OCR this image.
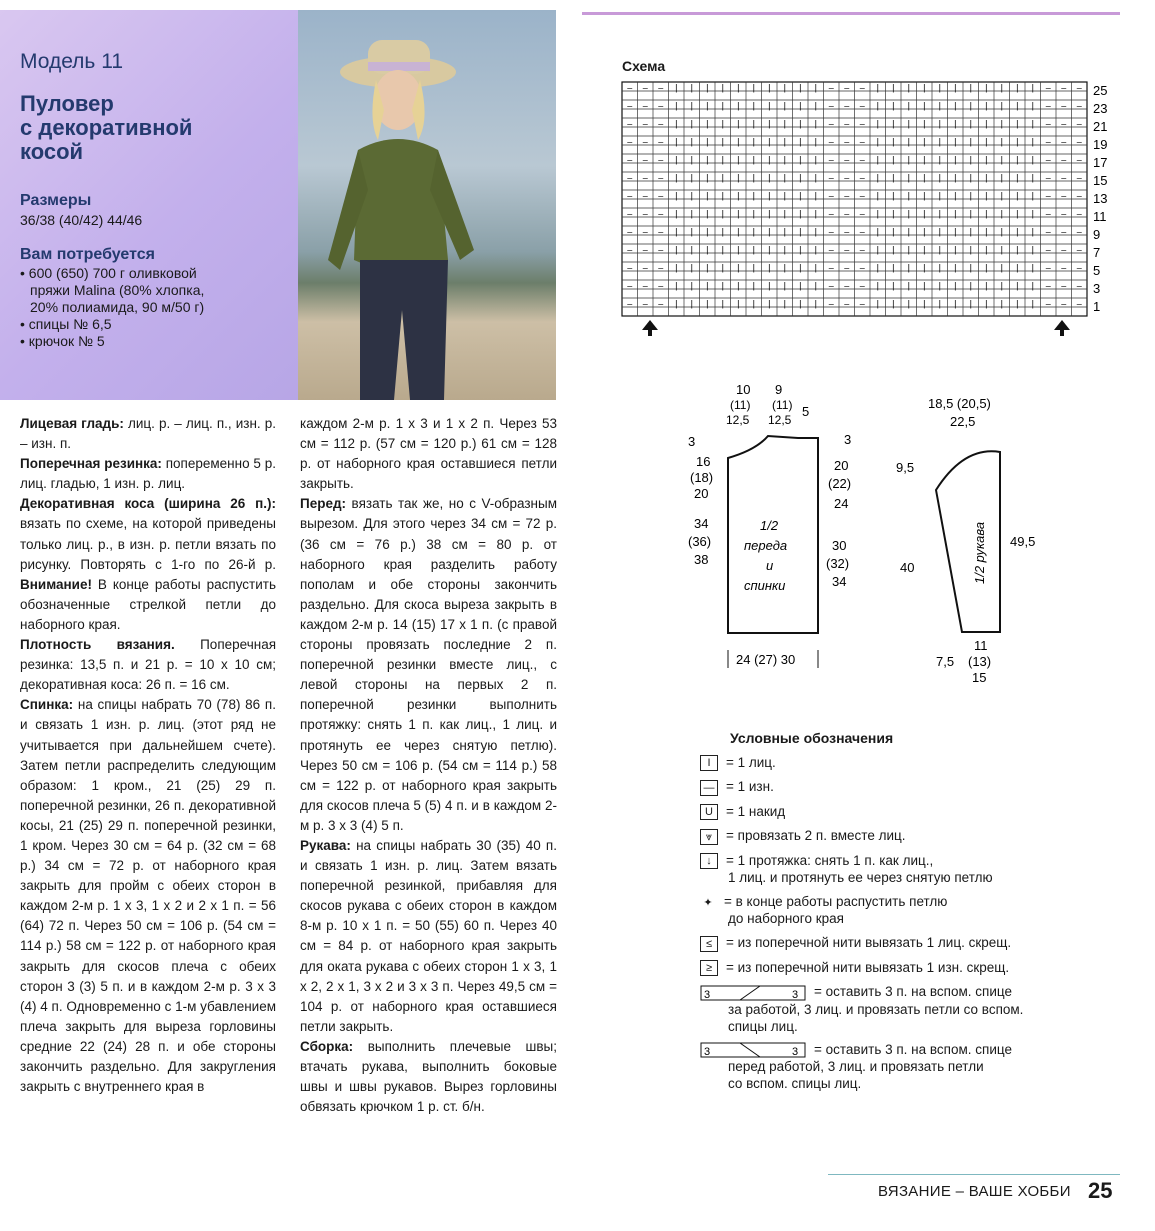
Модель 11
Пуловер
с декоративной
косой
Размеры
36/38 (40/42) 44/46
Вам потребуется
• 600 (650) 700 г оливковой
пряжи Malina (80% хлопка,
20% полиамида, 90 м/50 г)
• спицы № 6,5
• крючок № 5

Лицевая гладь: лиц. р. – лиц. п., изн. р. – изн. п.

Поперечная резинка: попеременно 5 р. лиц. гладью, 1 изн. р. лиц.

Декоративная коса (ширина 26 п.): вязать по схеме, на которой приведены только лиц. р., в изн. р. петли вязать по рисунку. Повторять с 1-го по 26-й р. Внимание! В конце работы распустить обозначенные стрелкой петли до наборного края.

Плотность вязания. Поперечная резинка: 13,5 п. и 21 р. = 10 х 10 см; декоративная коса: 26 п. = 16 см.

Спинка: на спицы набрать 70 (78) 86 п. и связать 1 изн. р. лиц. (этот ряд не учитывается при дальнейшем счете). Затем петли распределить следующим образом: 1 кром., 21 (25) 29 п. поперечной резинки, 26 п. декоративной косы, 21 (25) 29 п. поперечной резинки, 1 кром. Через 30 см = 64 р. (32 см = 68 р.) 34 см = 72 р. от наборного края закрыть для пройм с обеих сторон в каждом 2-м р. 1 х 3, 1 х 2 и 2 х 1 п. = 56 (64) 72 п. Через 50 см = 106 р. (54 см = 114 р.) 58 см = 122 р. от наборного края закрыть для скосов плеча с обеих сторон 3 (3) 5 п. и в каждом 2-м р. 3 х 3 (4) 4 п. Одновременно с 1-м убавлением плеча закрыть для выреза горловины средние 22 (24) 28 п. и обе стороны закончить раздельно. Для закругления закрыть с внутреннего края в

каждом 2-м р. 1 х 3 и 1 х 2 п. Через 53 см = 112 р. (57 см = 120 р.) 61 см = 128 р. от наборного края оставшиеся петли закрыть.

Перед: вязать так же, но с V-образным вырезом. Для этого через 34 см = 72 р. (36 см = 76 р.) 38 см = 80 р. от наборного края разделить работу пополам и обе стороны закончить раздельно. Для скоса выреза закрыть в каждом 2-м р. 14 (15) 17 х 1 п. (с правой стороны провязать последние 2 п. поперечной резинки вместе лиц., с левой стороны на первых 2 п. поперечной резинки выполнить протяжку: снять 1 п. как лиц., 1 лиц. и протянуть ее через снятую петлю). Через 50 см = 106 р. (54 см = 114 р.) 58 см = 122 р. от наборного края закрыть для скосов плеча 5 (5) 4 п. и в каждом 2-м р. 3 х 3 (4) 5 п.

Рукава: на спицы набрать 30 (35) 40 п. и связать 1 изн. р. лиц. Затем вязать поперечной резинкой, прибавляя для скосов рукава с обеих сторон в каждом 8-м р. 10 х 1 п. = 50 (55) 60 п. Через 40 см = 84 р. от наборного края закрыть для оката рукава с обеих сторон 1 х 3, 1 х 2, 2 х 1, 3 х 2 и 3 х 3 п. Через 49,5 см = 104 р. от наборного края оставшиеся петли закрыть.

Сборка: выполнить плечевые швы; втачать рукава, выполнить боковые швы и швы рукавов. Вырез горловины обвязать крючком 1 р. ст. б/н.

Схема
– – – | | | | | | | | | | – – – | | | | | | | | | | | – – –
– – – | | | | | | | | | | – – – | | | | | | | | | | | – – –
– – – | | | | | | | | | | – – – | | | | | | | | | | | – – –
– – – | | | | | | | | | | – – – | | | | | | | | | | | – – –
– – – | | | | | | | | | | – – – | | | | | | | | | | | – – –
– – – | | | | | | | | | | – – – | | | | | | | | | | | – – –
– – – | | | | | | | | | | – – – | | | | | | | | | | | – – –
– – – | | | | | | | | | | – – – | | | | | | | | | | | – – –
– – – | | | | | | | | | | – – – | | | | | | | | | | | – – –
– – – | | | | | | | | | | – – – | | | | | | | | | | | – – –
– – – | | | | | | | | | | – – – | | | | | | | | | | | – – –
– – – | | | | | | | | | | – – – | | | | | | | | | | | – – –
– – – | | | | | | | | | | – – – | | | | | | | | | | | – – –
25
23
21
19
17
15
13
11
9
7
5
3
1
10 9
(11) (11)
12,5 12,5
5
3
16
(18)
20
34
(36)
38
3
20
(22)
24
30
(32)
34
1/2
переда
и
спинки
24 (27) 30
18,5 (20,5)
22,5
9,5
40
49,5
1/2 рукава
11
7,5 (13)
15
Условные обозначения
I = 1 лиц.
— = 1 изн.
U = 1 накид
⩔ = провязать 2 п. вместе лиц.
↓ = 1 протяжка: снять 1 п. как лиц.,
1 лиц. и протянуть ее через снятую петлю
✦ = в конце работы распустить петлю
до наборного края
≤ = из поперечной нити вывязать 1 лиц. скрещ.
≥ = из поперечной нити вывязать 1 изн. скрещ.
3	3 = оставить 3 п. на вспом. спице
за работой, 3 лиц. и провязать петли со вспом.
спицы лиц.
3	3 = оставить 3 п. на вспом. спице
перед работой, 3 лиц. и провязать петли
со вспом. спицы лиц.
ВЯЗАНИЕ – ВАШЕ ХОББИ 25
